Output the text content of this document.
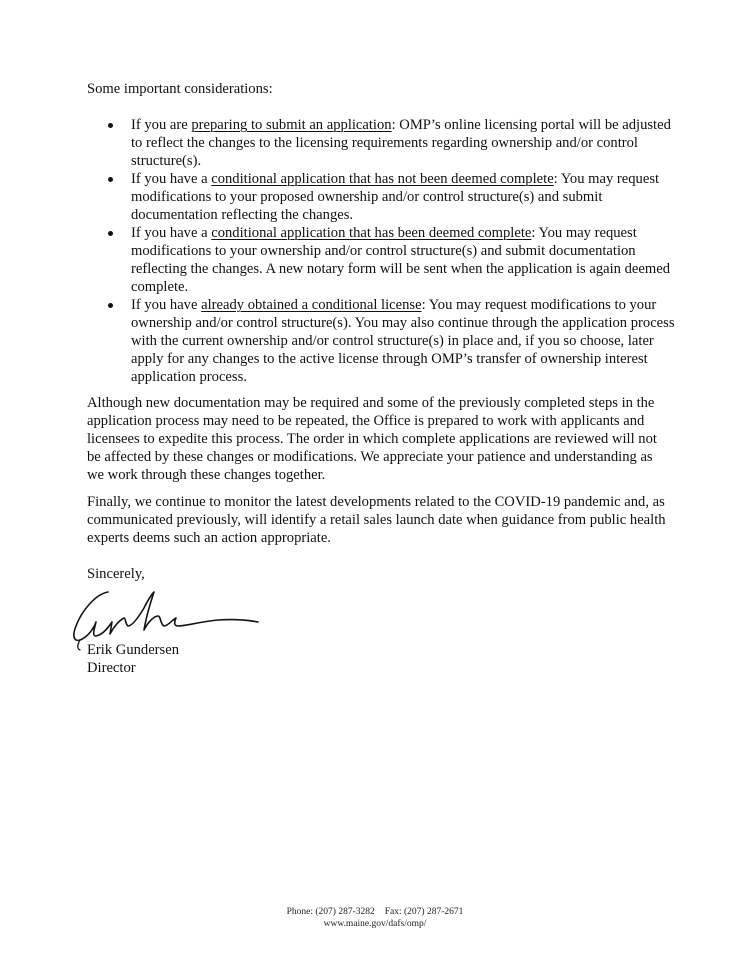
Some important considerations:
If you are preparing to submit an application: OMP’s online licensing portal will be adjusted to reflect the changes to the licensing requirements regarding ownership and/or control structure(s).
If you have a conditional application that has not been deemed complete: You may request modifications to your proposed ownership and/or control structure(s) and submit documentation reflecting the changes.
If you have a conditional application that has been deemed complete: You may request modifications to your ownership and/or control structure(s) and submit documentation reflecting the changes. A new notary form will be sent when the application is again deemed complete.
If you have already obtained a conditional license: You may request modifications to your ownership and/or control structure(s). You may also continue through the application process with the current ownership and/or control structure(s) in place and, if you so choose, later apply for any changes to the active license through OMP’s transfer of ownership interest application process.

Although new documentation may be required and some of the previously completed steps in the application process may need to be repeated, the Office is prepared to work with applicants and licensees to expedite this process. The order in which complete applications are reviewed will not be affected by these changes or modifications. We appreciate your patience and understanding as we work through these changes together.

Finally, we continue to monitor the latest developments related to the COVID-19 pandemic and, as communicated previously, will identify a retail sales launch date when guidance from public health experts deems such an action appropriate.

Sincerely,
Erik Gundersen
Director
Phone: (207) 287-3282 Fax: (207) 287-2671
www.maine.gov/dafs/omp/
